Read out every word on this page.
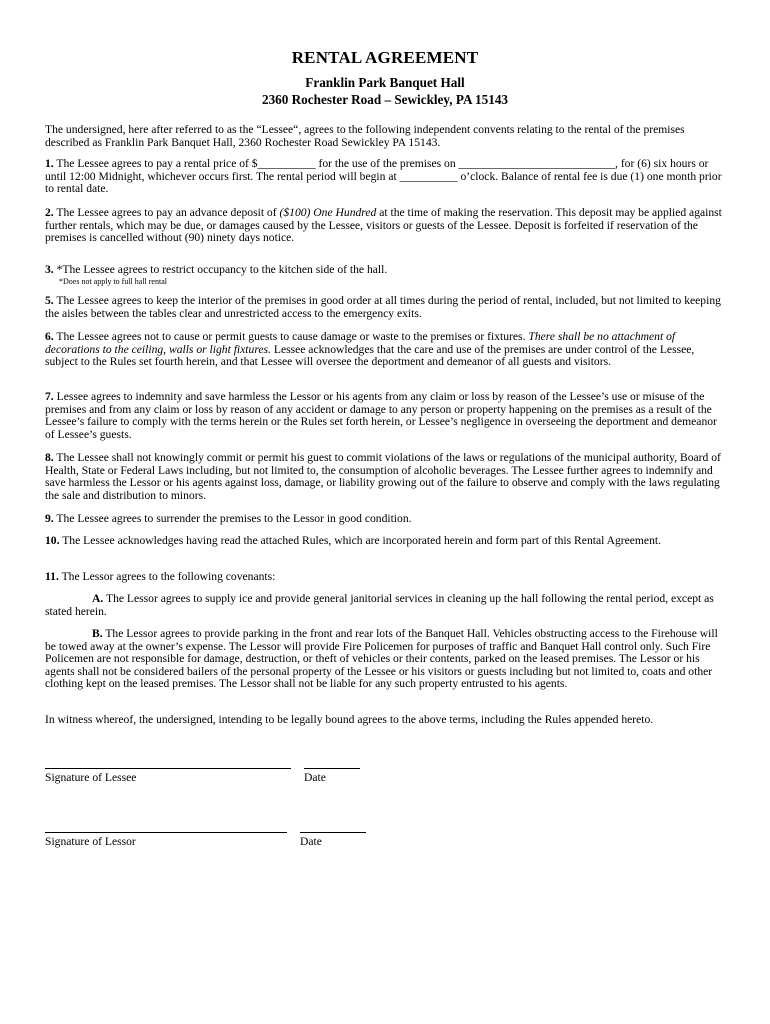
RENTAL AGREEMENT
Franklin Park Banquet Hall
2360 Rochester Road – Sewickley, PA 15143
The undersigned, here after referred to as the “Lessee“, agrees to the following independent convents relating to the rental of the premises described as Franklin Park Banquet Hall, 2360 Rochester Road Sewickley PA 15143.
1. The Lessee agrees to pay a rental price of $__________ for the use of the premises on ___________________________, for (6) six hours or until 12:00 Midnight, whichever occurs first. The rental period will begin at __________ o’clock. Balance of rental fee is due (1) one month prior to rental date.
2. The Lessee agrees to pay an advance deposit of ($100) One Hundred at the time of making the reservation. This deposit may be applied against further rentals, which may be due, or damages caused by the Lessee, visitors or guests of the Lessee. Deposit is forfeited if reservation of the premises is cancelled without (90) ninety days notice.
3. *The Lessee agrees to restrict occupancy to the kitchen side of the hall.
*Does not apply to full hall rental
5. The Lessee agrees to keep the interior of the premises in good order at all times during the period of rental, included, but not limited to keeping the aisles between the tables clear and unrestricted access to the emergency exits.
6. The Lessee agrees not to cause or permit guests to cause damage or waste to the premises or fixtures. There shall be no attachment of decorations to the ceiling, walls or light fixtures. Lessee acknowledges that the care and use of the premises are under control of the Lessee, subject to the Rules set fourth herein, and that Lessee will oversee the deportment and demeanor of all guests and visitors.
7. Lessee agrees to indemnity and save harmless the Lessor or his agents from any claim or loss by reason of the Lessee’s use or misuse of the premises and from any claim or loss by reason of any accident or damage to any person or property happening on the premises as a result of the Lessee’s failure to comply with the terms herein or the Rules set forth herein, or Lessee’s negligence in overseeing the deportment and demeanor of Lessee’s guests.
8. The Lessee shall not knowingly commit or permit his guest to commit violations of the laws or regulations of the municipal authority, Board of Health, State or Federal Laws including, but not limited to, the consumption of alcoholic beverages. The Lessee further agrees to indemnify and save harmless the Lessor or his agents against loss, damage, or liability growing out of the failure to observe and comply with the laws regulating the sale and distribution to minors.
9. The Lessee agrees to surrender the premises to the Lessor in good condition.
10. The Lessee acknowledges having read the attached Rules, which are incorporated herein and form part of this Rental Agreement.
11. The Lessor agrees to the following covenants:
A. The Lessor agrees to supply ice and provide general janitorial services in cleaning up the hall following the rental period, except as stated herein.
B. The Lessor agrees to provide parking in the front and rear lots of the Banquet Hall. Vehicles obstructing access to the Firehouse will be towed away at the owner’s expense. The Lessor will provide Fire Policemen for purposes of traffic and Banquet Hall control only. Such Fire Policemen are not responsible for damage, destruction, or theft of vehicles or their contents, parked on the leased premises. The Lessor or his agents shall not be considered bailers of the personal property of the Lessee or his visitors or guests including but not limited to, coats and other clothing kept on the leased premises. The Lessor shall not be liable for any such property entrusted to his agents.
In witness whereof, the undersigned, intending to be legally bound agrees to the above terms, including the Rules appended hereto.
Signature of Lessee	Date
Signature of Lessor	Date
